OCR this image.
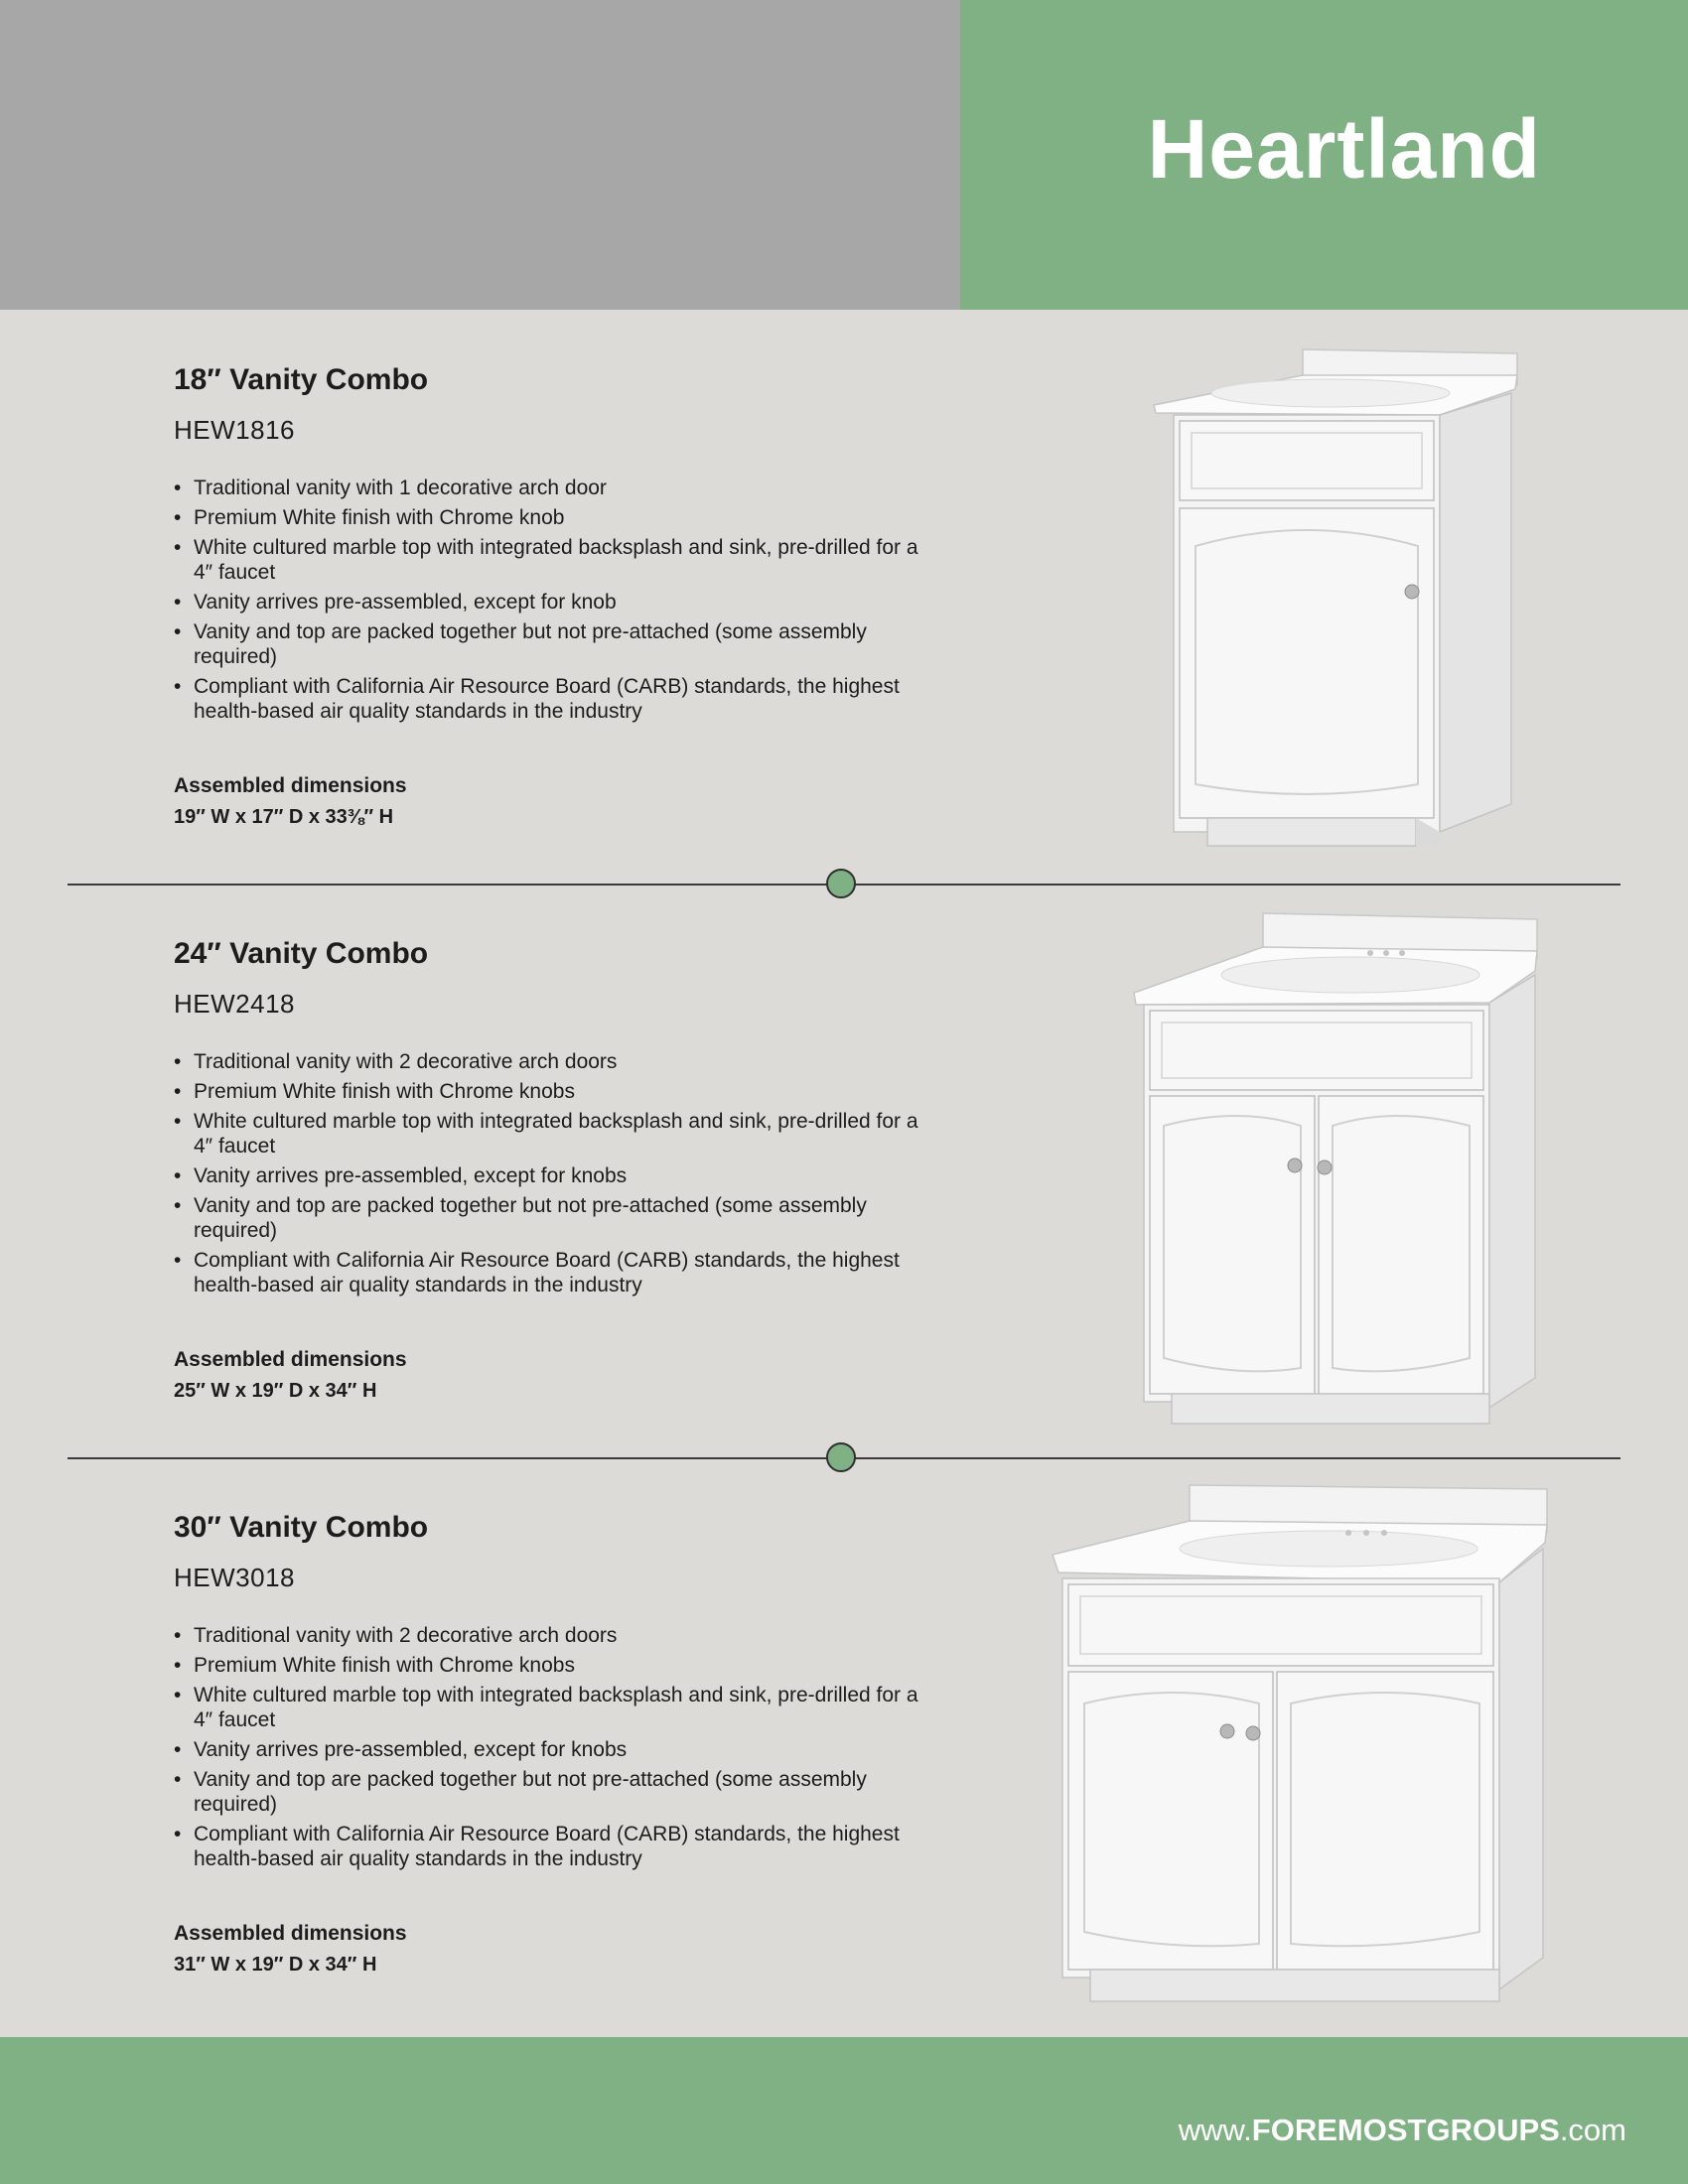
Heartland
18″ Vanity Combo

HEW1816

• Traditional vanity with 1 decorative arch door
• Premium White finish with Chrome knob
• White cultured marble top with integrated backsplash and sink, pre-drilled for a 4″ faucet
• Vanity arrives pre-assembled, except for knob
• Vanity and top are packed together but not pre-attached (some assembly required)
• Compliant with California Air Resource Board (CARB) standards, the highest health-based air quality standards in the industry

Assembled dimensions

19″ W x 17″ D x 33⅜″ H

24″ Vanity Combo

HEW2418

• Traditional vanity with 2 decorative arch doors
• Premium White finish with Chrome knobs
• White cultured marble top with integrated backsplash and sink, pre-drilled for a 4″ faucet
• Vanity arrives pre-assembled, except for knobs
• Vanity and top are packed together but not pre-attached (some assembly required)
• Compliant with California Air Resource Board (CARB) standards, the highest health-based air quality standards in the industry

Assembled dimensions

25″ W x 19″ D x 34″ H

30″ Vanity Combo

HEW3018

• Traditional vanity with 2 decorative arch doors
• Premium White finish with Chrome knobs
• White cultured marble top with integrated backsplash and sink, pre-drilled for a 4″ faucet
• Vanity arrives pre-assembled, except for knobs
• Vanity and top are packed together but not pre-attached (some assembly required)
• Compliant with California Air Resource Board (CARB) standards, the highest health-based air quality standards in the industry

Assembled dimensions

31″ W x 19″ D x 34″ H

www.FOREMOSTGROUPS.com
